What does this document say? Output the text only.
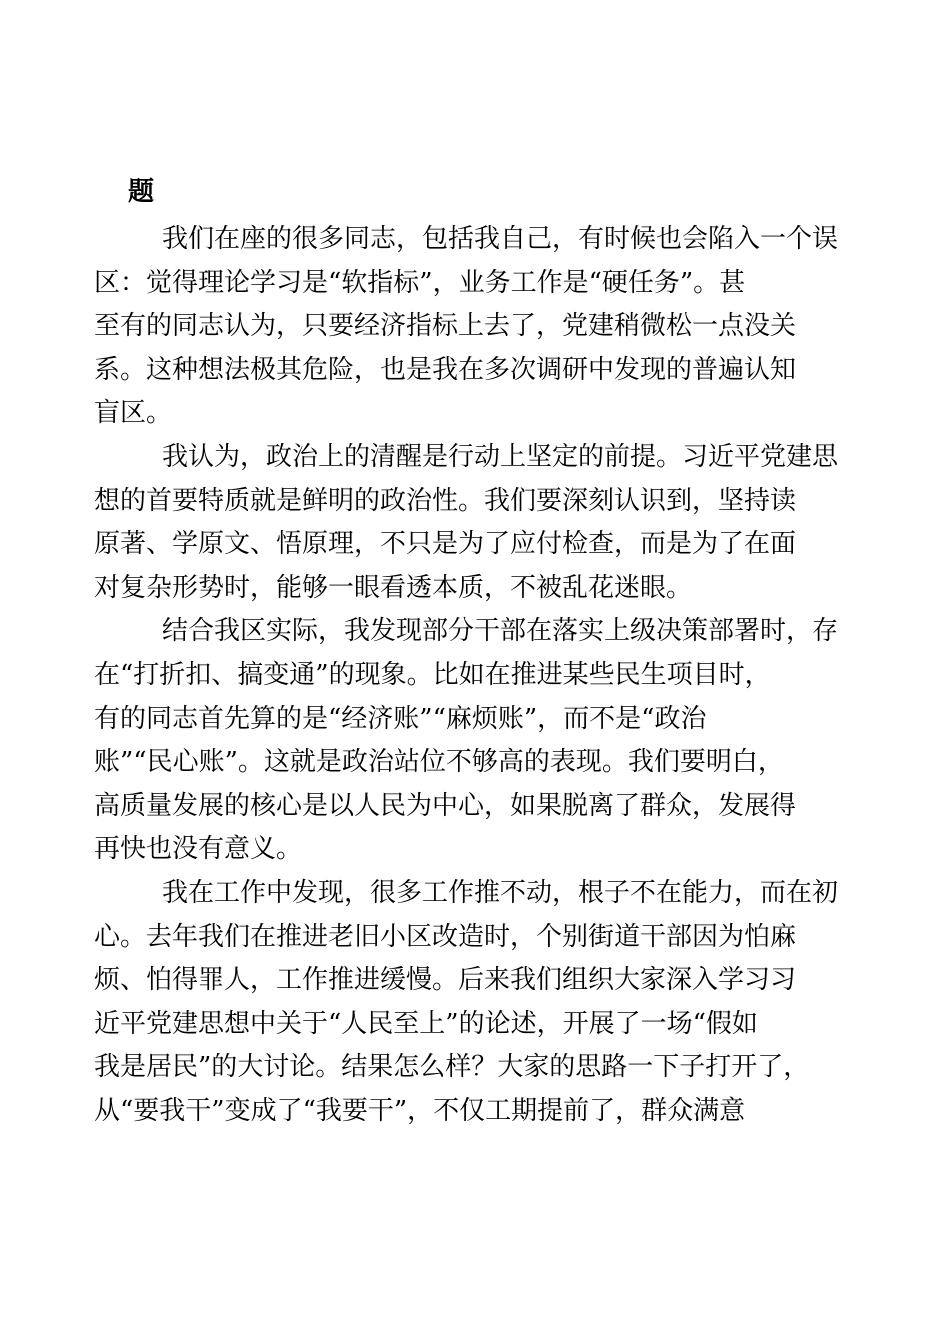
题

我们在座的很多同志，包括我自己，有时候也会陷入一个误
区：觉得理论学习是“软指标”，业务工作是“硬任务”。甚
至有的同志认为，只要经济指标上去了，党建稍微松一点没关
系。这种想法极其危险，也是我在多次调研中发现的普遍认知
盲区。

我认为，政治上的清醒是行动上坚定的前提。习近平党建思
想的首要特质就是鲜明的政治性。我们要深刻认识到，坚持读
原著、学原文、悟原理，不只是为了应付检查，而是为了在面
对复杂形势时，能够一眼看透本质，不被乱花迷眼。

结合我区实际，我发现部分干部在落实上级决策部署时，存
在“打折扣、搞变通”的现象。比如在推进某些民生项目时，
有的同志首先算的是“经济账”“麻烦账”，而不是“政治
账”“民心账”。这就是政治站位不够高的表现。我们要明白，
高质量发展的核心是以人民为中心，如果脱离了群众，发展得
再快也没有意义。

我在工作中发现，很多工作推不动，根子不在能力，而在初
心。去年我们在推进老旧小区改造时，个别街道干部因为怕麻
烦、怕得罪人，工作推进缓慢。后来我们组织大家深入学习习
近平党建思想中关于“人民至上”的论述，开展了一场“假如
我是居民”的大讨论。结果怎么样？大家的思路一下子打开了，
从“要我干”变成了“我要干”，不仅工期提前了，群众满意
